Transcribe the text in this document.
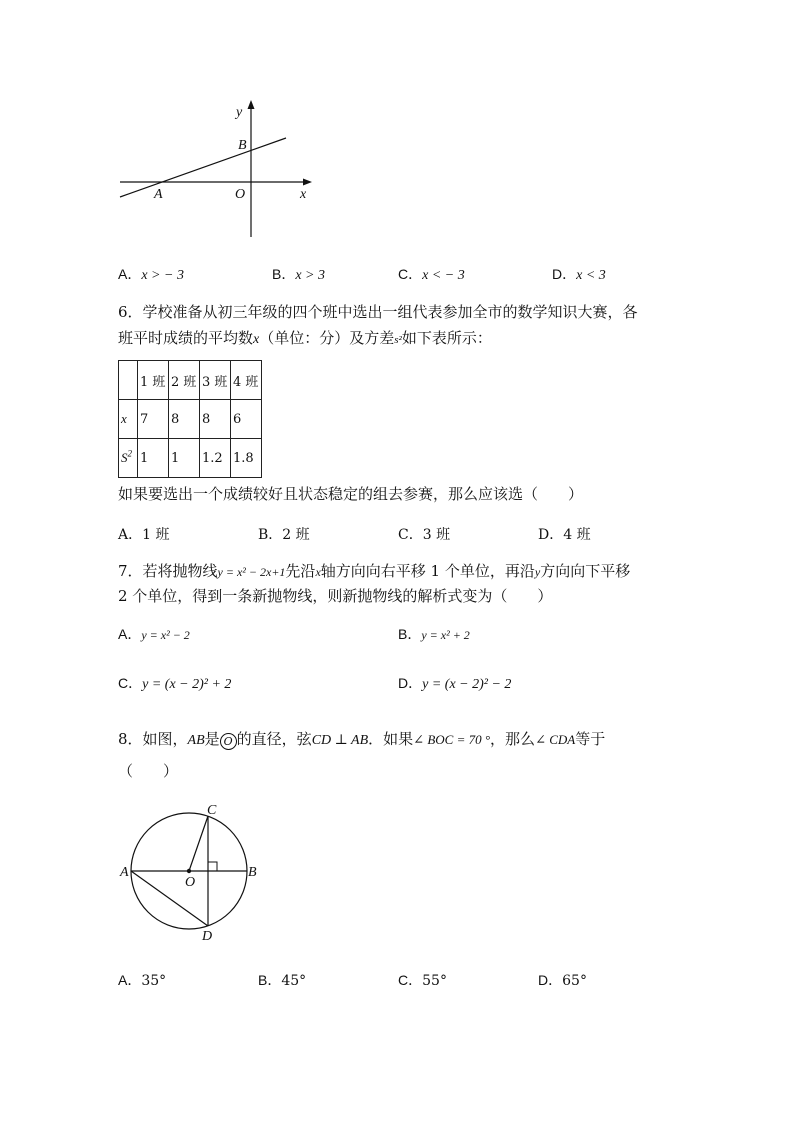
y
B
A	O	x
A．x > − 3	B．x > 3	C．x < − 3	D．x < 3
6．学校准备从初三年级的四个班中选出一组代表参加全市的数学知识大赛，各
班平时成绩的平均数x（单位：分）及方差s²如下表所示：
	1 班	2 班	3 班	4 班
x	7	8	8	6
$S^2$	1	1	1.2	1.8
如果要选出一个成绩较好且状态稳定的组去参赛，那么应该选（　　）
A．1 班	B．2 班	C．3 班	D．4 班
7．若将抛物线y = x² − 2x+1先沿x轴方向向右平移 1 个单位，再沿y方向向下平移
2 个单位，得到一条新抛物线，则新抛物线的解析式变为（　　）
A．y = x² − 2	B．y = x² + 2
C．y = (x − 2)² + 2	D．y = (x − 2)² − 2
8．如图，AB是 O 的直径，弦CD ⊥ AB．如果∠ BOC = 70 °，那么∠ CDA等于
（　　）
C
A
O
B
D
A．35°	B．45°	C．55°	D．65°
